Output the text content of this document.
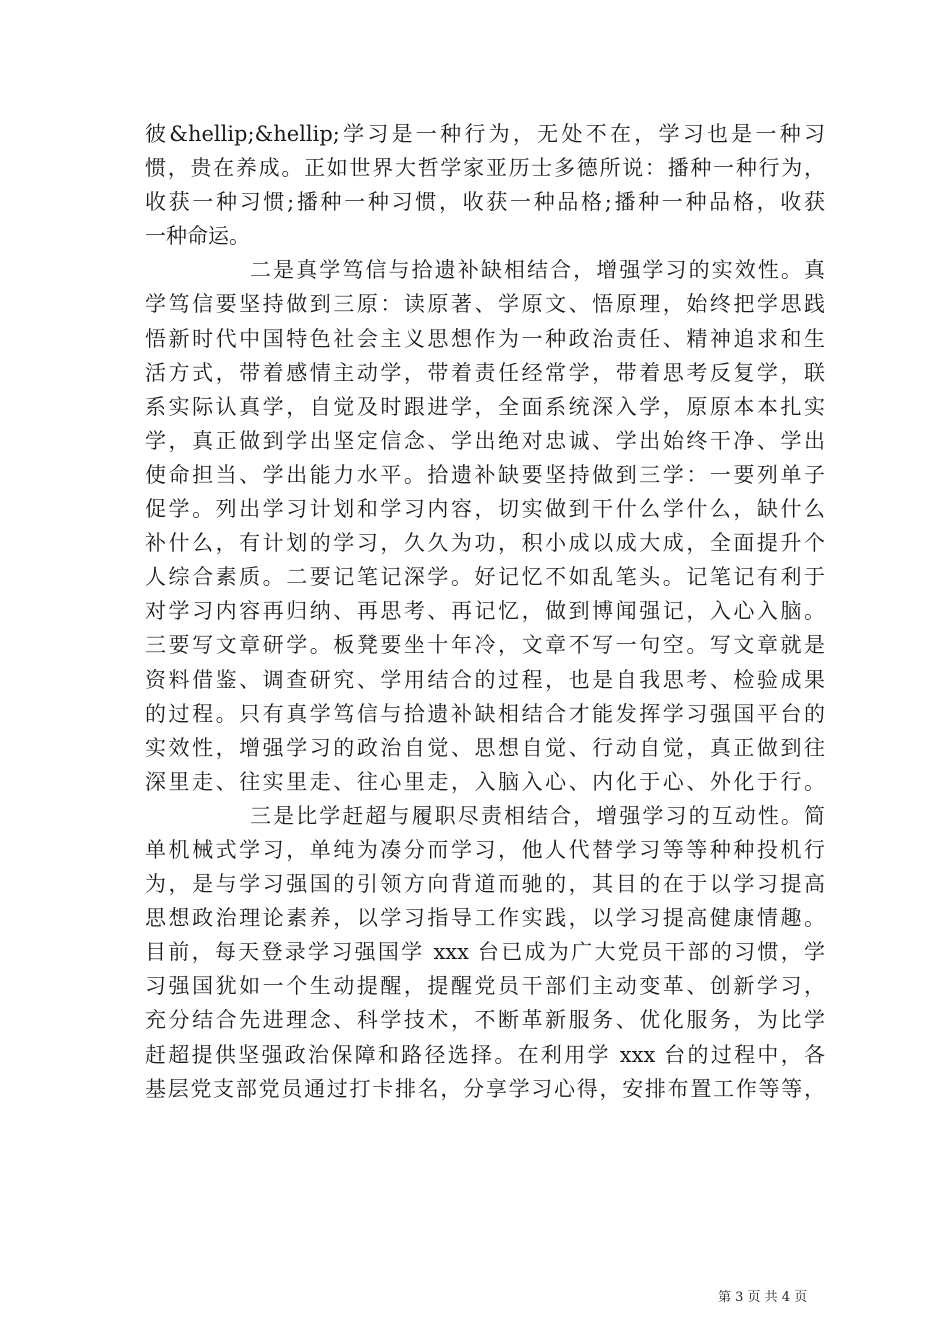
彼&hellip;&hellip;学习是一种行为，无处不在，学习也是一种习
惯，贵在养成。正如世界大哲学家亚历士多德所说：播种一种行为，
收获一种习惯;播种一种习惯，收获一种品格;播种一种品格，收获
一种命运。
二是真学笃信与拾遗补缺相结合，增强学习的实效性。真
学笃信要坚持做到三原：读原著、学原文、悟原理，始终把学思践
悟新时代中国特色社会主义思想作为一种政治责任、精神追求和生
活方式，带着感情主动学，带着责任经常学，带着思考反复学，联
系实际认真学，自觉及时跟进学，全面系统深入学，原原本本扎实
学，真正做到学出坚定信念、学出绝对忠诚、学出始终干净、学出
使命担当、学出能力水平。拾遗补缺要坚持做到三学：一要列单子
促学。列出学习计划和学习内容，切实做到干什么学什么，缺什么
补什么，有计划的学习，久久为功，积小成以成大成，全面提升个
人综合素质。二要记笔记深学。好记忆不如乱笔头。记笔记有利于
对学习内容再归纳、再思考、再记忆，做到博闻强记，入心入脑。
三要写文章研学。板凳要坐十年冷，文章不写一句空。写文章就是
资料借鉴、调查研究、学用结合的过程，也是自我思考、检验成果
的过程。只有真学笃信与拾遗补缺相结合才能发挥学习强国平台的
实效性，增强学习的政治自觉、思想自觉、行动自觉，真正做到往
深里走、往实里走、往心里走，入脑入心、内化于心、外化于行。
三是比学赶超与履职尽责相结合，增强学习的互动性。简
单机械式学习，单纯为凑分而学习，他人代替学习等等种种投机行
为，是与学习强国的引领方向背道而驰的，其目的在于以学习提高
思想政治理论素养，以学习指导工作实践，以学习提高健康情趣。
目前，每天登录学习强国学 xxx 台已成为广大党员干部的习惯，学
习强国犹如一个生动提醒，提醒党员干部们主动变革、创新学习，
充分结合先进理念、科学技术，不断革新服务、优化服务，为比学
赶超提供坚强政治保障和路径选择。在利用学 xxx 台的过程中，各
基层党支部党员通过打卡排名，分享学习心得，安排布置工作等等，
第 3 页 共 4 页
